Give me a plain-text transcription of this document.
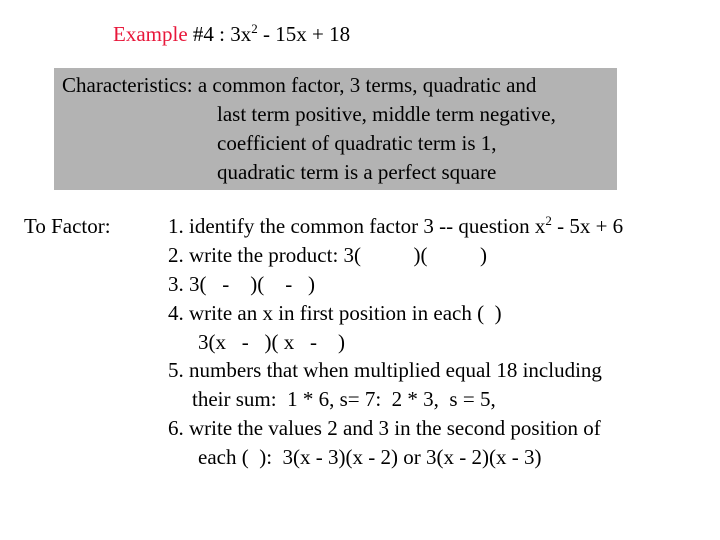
Example #4 : $3x^2 - 15x + 18$
Characteristics: a common factor, 3 terms, quadratic and
last term positive, middle term negative,
coefficient of quadratic term is 1,
quadratic term is a perfect square
To Factor:	1. identify the common factor 3 -- question $x^2 - 5x + 6$
2. write the product: 3(          )(          )
3. 3(   -    )(    -   )
4. write an x in first position in each (  )
3(x   -   )( x   -    )
5. numbers that when multiplied equal 18 including
their sum:  1 * 6, s= 7:  2 * 3,  s = 5,
6. write the values 2 and 3 in the second position of
each (  ):  3(x - 3)(x - 2) or 3(x - 2)(x - 3)
